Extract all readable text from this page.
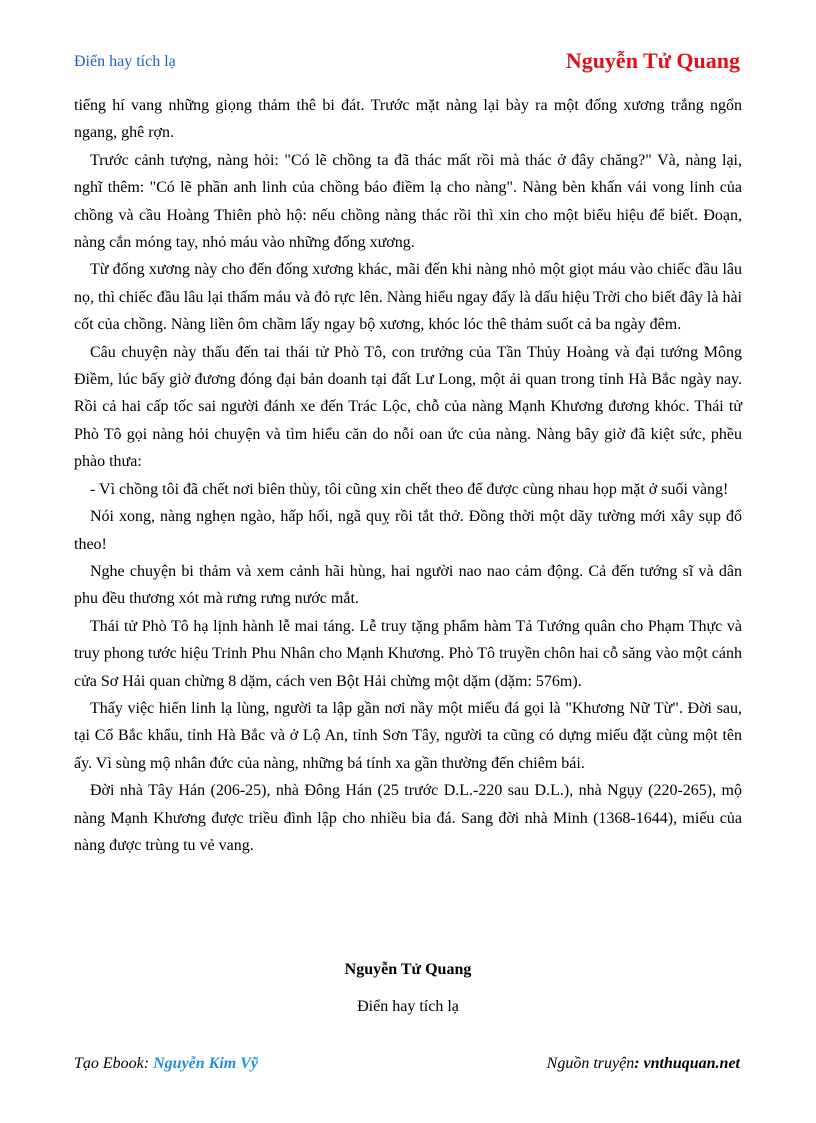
Điển hay tích lạ	Nguyễn Tử Quang

tiếng hí vang những giọng thảm thê bi đát. Trước mặt nàng lại bày ra một đống xương trắng ngổn ngang, ghê rợn.

Trước cảnh tượng, nàng hỏi: "Có lẽ chồng ta đã thác mất rồi mà thác ở đây chăng?" Và, nàng lại, nghĩ thêm: "Có lẽ phần anh linh của chồng báo điềm lạ cho nàng". Nàng bèn khấn vái vong linh của chồng và cầu Hoàng Thiên phò hộ: nếu chồng nàng thác rồi thì xin cho một biểu hiệu để biết. Đoạn, nàng cắn móng tay, nhỏ máu vào những đống xương.

Từ đống xương này cho đến đống xương khác, mãi đến khi nàng nhỏ một giọt máu vào chiếc đầu lâu nọ, thì chiếc đầu lâu lại thấm máu và đỏ rực lên. Nàng hiểu ngay đấy là dấu hiệu Trời cho biết đây là hài cốt của chồng. Nàng liền ôm chầm lấy ngay bộ xương, khóc lóc thê thảm suốt cả ba ngày đêm.

Câu chuyện này thấu đến tai thái tử Phò Tô, con trưởng của Tần Thủy Hoàng và đại tướng Mông Điềm, lúc bấy giờ đương đóng đại bản doanh tại đất Lư Long, một ải quan trong tỉnh Hà Bắc ngày nay. Rồi cả hai cấp tốc sai người đánh xe đến Trác Lộc, chỗ của nàng Mạnh Khương đương khóc. Thái tử Phò Tô gọi nàng hỏi chuyện và tìm hiểu căn do nỗi oan ức của nàng. Nàng bây giờ đã kiệt sức, phều phào thưa:

- Vì chồng tôi đã chết nơi biên thùy, tôi cũng xin chết theo để được cùng nhau họp mặt ở suối vàng!

Nói xong, nàng nghẹn ngào, hấp hối, ngã quỵ rồi tắt thở. Đồng thời một dãy tường mới xây sụp đổ theo!

Nghe chuyện bi thảm và xem cảnh hãi hùng, hai người nao nao cảm động. Cả đến tướng sĩ và dân phu đều thương xót mà rưng rưng nước mắt.

Thái tử Phò Tô hạ lịnh hành lễ mai táng. Lễ truy tặng phẩm hàm Tả Tướng quân cho Phạm Thực và truy phong tước hiệu Trinh Phu Nhân cho Mạnh Khương. Phò Tô truyền chôn hai cỗ săng vào một cánh cửa Sơ Hải quan chừng 8 dặm, cách ven Bột Hải chừng một dặm (dặm: 576m).

Thấy việc hiển linh lạ lùng, người ta lập gần nơi nầy một miếu đá gọi là "Khương Nữ Từ". Đời sau, tại Cổ Bắc khẩu, tỉnh Hà Bắc và ở Lộ An, tỉnh Sơn Tây, người ta cũng có dựng miếu đặt cùng một tên ấy. Vì sùng mộ nhân đức của nàng, những bá tính xa gần thường đến chiêm bái.

Đời nhà Tây Hán (206-25), nhà Đông Hán (25 trước D.L.-220 sau D.L.), nhà Ngụy (220-265), mộ nàng Mạnh Khương được triều đình lập cho nhiều bia đá. Sang đời nhà Minh (1368-1644), miếu của nàng được trùng tu vẻ vang.

Nguyễn Tử Quang
Điển hay tích lạ
Tạo Ebook: Nguyễn Kim Vỹ	Nguồn truyện: vnthuquan.net
